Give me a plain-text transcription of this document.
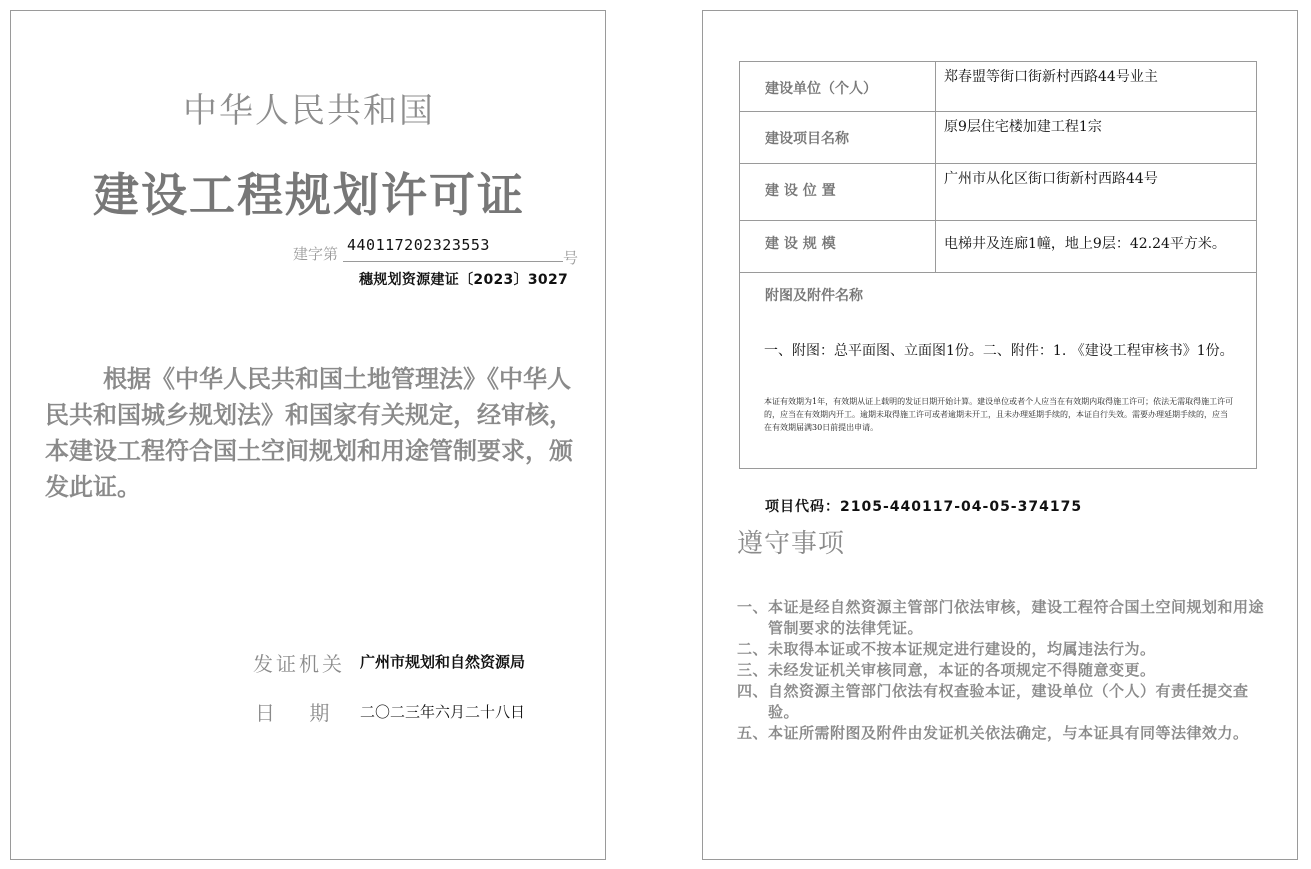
中华人民共和国
建设工程规划许可证
建字第 440117202323553
号
穗规划资源建证〔2023〕3027
根据《中华人民共和国土地管理法》《中华人民共和国城乡规划法》和国家有关规定，经审核，本建设工程符合国土空间规划和用途管制要求，颁发此证。
发证机关 广州市规划和自然资源局
日 期 二〇二三年六月二十八日
建设单位（个人）	郑春盟等街口街新村西路44号业主

建设项目名称	原9层住宅楼加建工程1宗

建 设 位 置	广州市从化区街口街新村西路44号

建 设 规 模	电梯井及连廊1幢，地上9层：42.24平方米。

附图及附件名称
一、附图：总平面图、立面图1份。二、附件：1. 《建设工程审核书》1份。
本证有效期为1年，有效期从证上载明的发证日期开始计算。建设单位或者个人应当在有效期内取得施工许可；依法无需取得施工许可的，应当在有效期内开工。逾期未取得施工许可或者逾期未开工，且未办理延期手续的，本证自行失效。需要办理延期手续的，应当在有效期届满30日前提出申请。	
项目代码：2105-440117-04-05-374175
遵守事项
一、本证是经自然资源主管部门依法审核，建设工程符合国土空间规划和用途管制要求的法律凭证。
二、未取得本证或不按本证规定进行建设的，均属违法行为。
三、未经发证机关审核同意，本证的各项规定不得随意变更。
四、自然资源主管部门依法有权查验本证，建设单位（个人）有责任提交查验。
五、本证所需附图及附件由发证机关依法确定，与本证具有同等法律效力。
